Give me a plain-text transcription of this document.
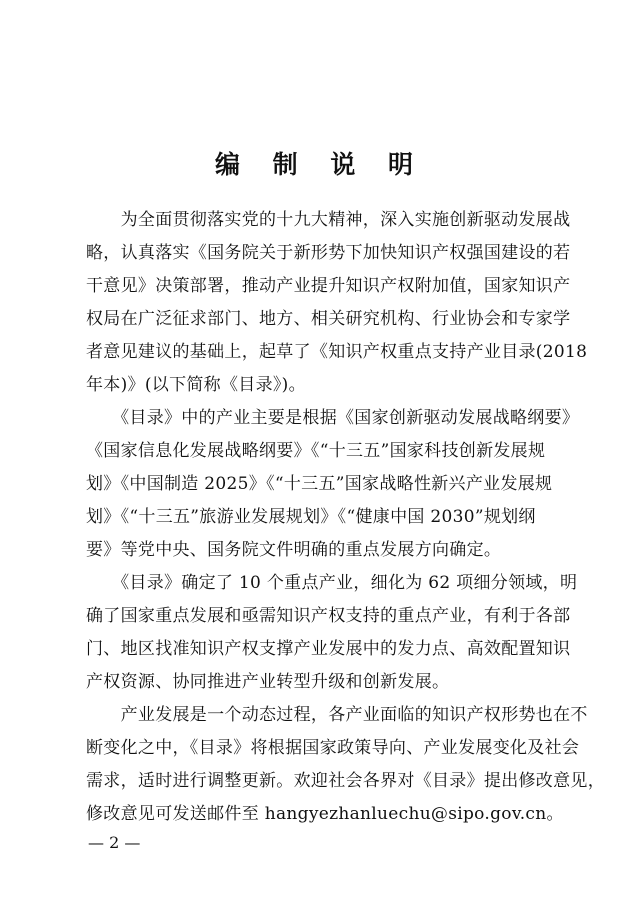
编 制 说 明
　　为全面贯彻落实党的十九大精神，深入实施创新驱动发展战
略，认真落实《国务院关于新形势下加快知识产权强国建设的若
干意见》决策部署，推动产业提升知识产权附加值，国家知识产
权局在广泛征求部门、地方、相关研究机构、行业协会和专家学
者意见建议的基础上，起草了《知识产权重点支持产业目录(2018
年本)》(以下简称《目录》)。
　　《目录》中的产业主要是根据《国家创新驱动发展战略纲要》
《国家信息化发展战略纲要》《“十三五”国家科技创新发展规
划》《中国制造 2025》《“十三五”国家战略性新兴产业发展规
划》《“十三五”旅游业发展规划》《“健康中国 2030”规划纲
要》等党中央、国务院文件明确的重点发展方向确定。
　　《目录》确定了 10 个重点产业，细化为 62 项细分领域，明
确了国家重点发展和亟需知识产权支持的重点产业，有利于各部
门、地区找准知识产权支撑产业发展中的发力点、高效配置知识
产权资源、协同推进产业转型升级和创新发展。
　　产业发展是一个动态过程，各产业面临的知识产权形势也在不
断变化之中，《目录》将根据国家政策导向、产业发展变化及社会
需求，适时进行调整更新。欢迎社会各界对《目录》提出修改意见，
修改意见可发送邮件至 hangyezhanluechu@sipo.gov.cn。
— 2 —
